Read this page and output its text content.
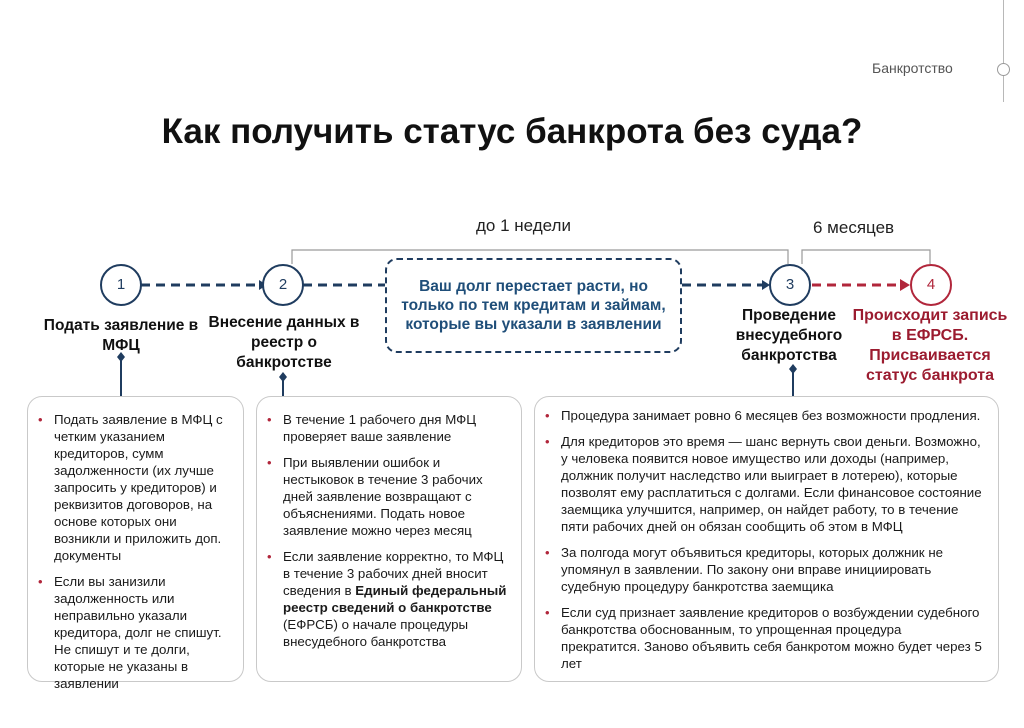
Банкротство
Как получить статус банкрота без суда?
до 1 недели	6 месяцев
1	2	3	4
Подать заявление в МФЦ
Внесение данных в реестр о банкротстве
Проведение внесудебного банкротства
Происходит запись в ЕФРСБ. Присваивается статус банкрота
Ваш долг перестает расти, но только по тем кредитам и займам, которые вы указали в заявлении
• Подать заявление в МФЦ с четким указанием кредиторов, сумм задолженности (их лучше запросить у кредиторов) и реквизитов договоров, на основе которых они возникли и приложить доп. документы
• Если вы занизили задолженность или неправильно указали кредитора, долг не спишут. Не спишут и те долги, которые не указаны в заявлении
• В течение 1 рабочего дня МФЦ проверяет ваше заявление
• При выявлении ошибок и нестыковок в течение 3 рабочих дней заявление возвращают с объяснениями. Подать новое заявление можно через месяц
• Если заявление корректно, то МФЦ в течение 3 рабочих дней вносит сведения в Единый федеральный реестр сведений о банкротстве (ЕФРСБ) о начале процедуры внесудебного банкротства
• Процедура занимает ровно 6 месяцев без возможности продления.
• Для кредиторов это время — шанс вернуть свои деньги. Возможно, у человека появится новое имущество или доходы (например, должник получит наследство или выиграет в лотерею), которые позволят ему расплатиться с долгами. Если финансовое состояние заемщика улучшится, например, он найдет работу, то в течение пяти рабочих дней он обязан сообщить об этом в МФЦ
• За полгода могут объявиться кредиторы, которых должник не упомянул в заявлении. По закону они вправе инициировать судебную процедуру банкротства заемщика
• Если суд признает заявление кредиторов о возбуждении судебного банкротства обоснованным, то упрощенная процедура прекратится. Заново объявить себя банкротом можно будет через 5 лет
